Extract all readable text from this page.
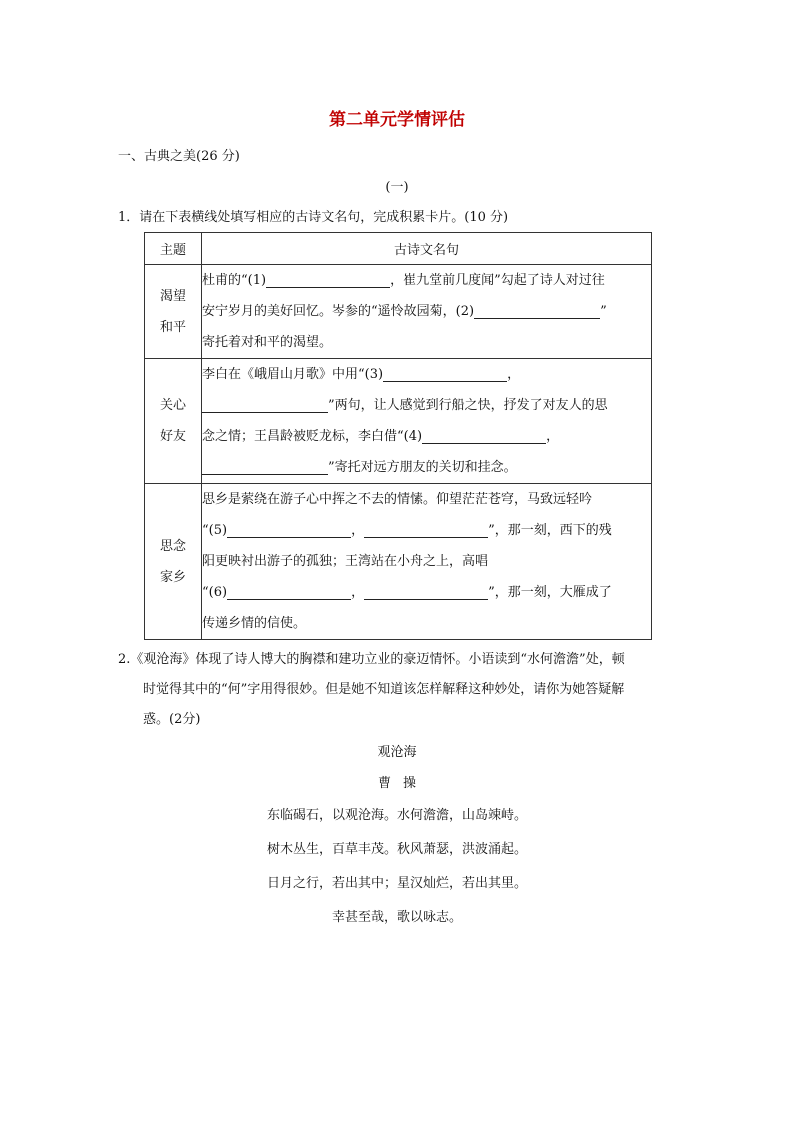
第二单元学情评估
一、古典之美(26 分)
(一)
1．请在下表横线处填写相应的古诗文名句，完成积累卡片。(10 分)
主题	古诗文名句
渴望
和平	杜甫的“(1) ，崔九堂前几度闻”勾起了诗人对过往
安宁岁月的美好回忆。岑参的“遥怜故园菊，(2) ”
寄托着对和平的渴望。
关心
好友	李白在《峨眉山月歌》中用“(3) ，
”两句，让人感觉到行船之快，抒发了对友人的思
念之情；王昌龄被贬龙标，李白借“(4) ，
”寄托对远方朋友的关切和挂念。
思念
家乡	思乡是萦绕在游子心中挥之不去的情愫。仰望茫茫苍穹，马致远轻吟
“(5) ， ”，那一刻，西下的残
阳更映衬出游子的孤独；王湾站在小舟之上，高唱
“(6) ， ”，那一刻，大雁成了
传递乡情的信使。
2.《观沧海》体现了诗人博大的胸襟和建功立业的豪迈情怀。小语读到“水何澹澹”处，顿
时觉得其中的“何”字用得很妙。但是她不知道该怎样解释这种妙处，请你为她答疑解
惑。(2分)
观沧海
曹操
东临碣石，以观沧海。水何澹澹，山岛竦峙。
树木丛生，百草丰茂。秋风萧瑟，洪波涌起。
日月之行，若出其中；星汉灿烂，若出其里。
幸甚至哉，歌以咏志。
